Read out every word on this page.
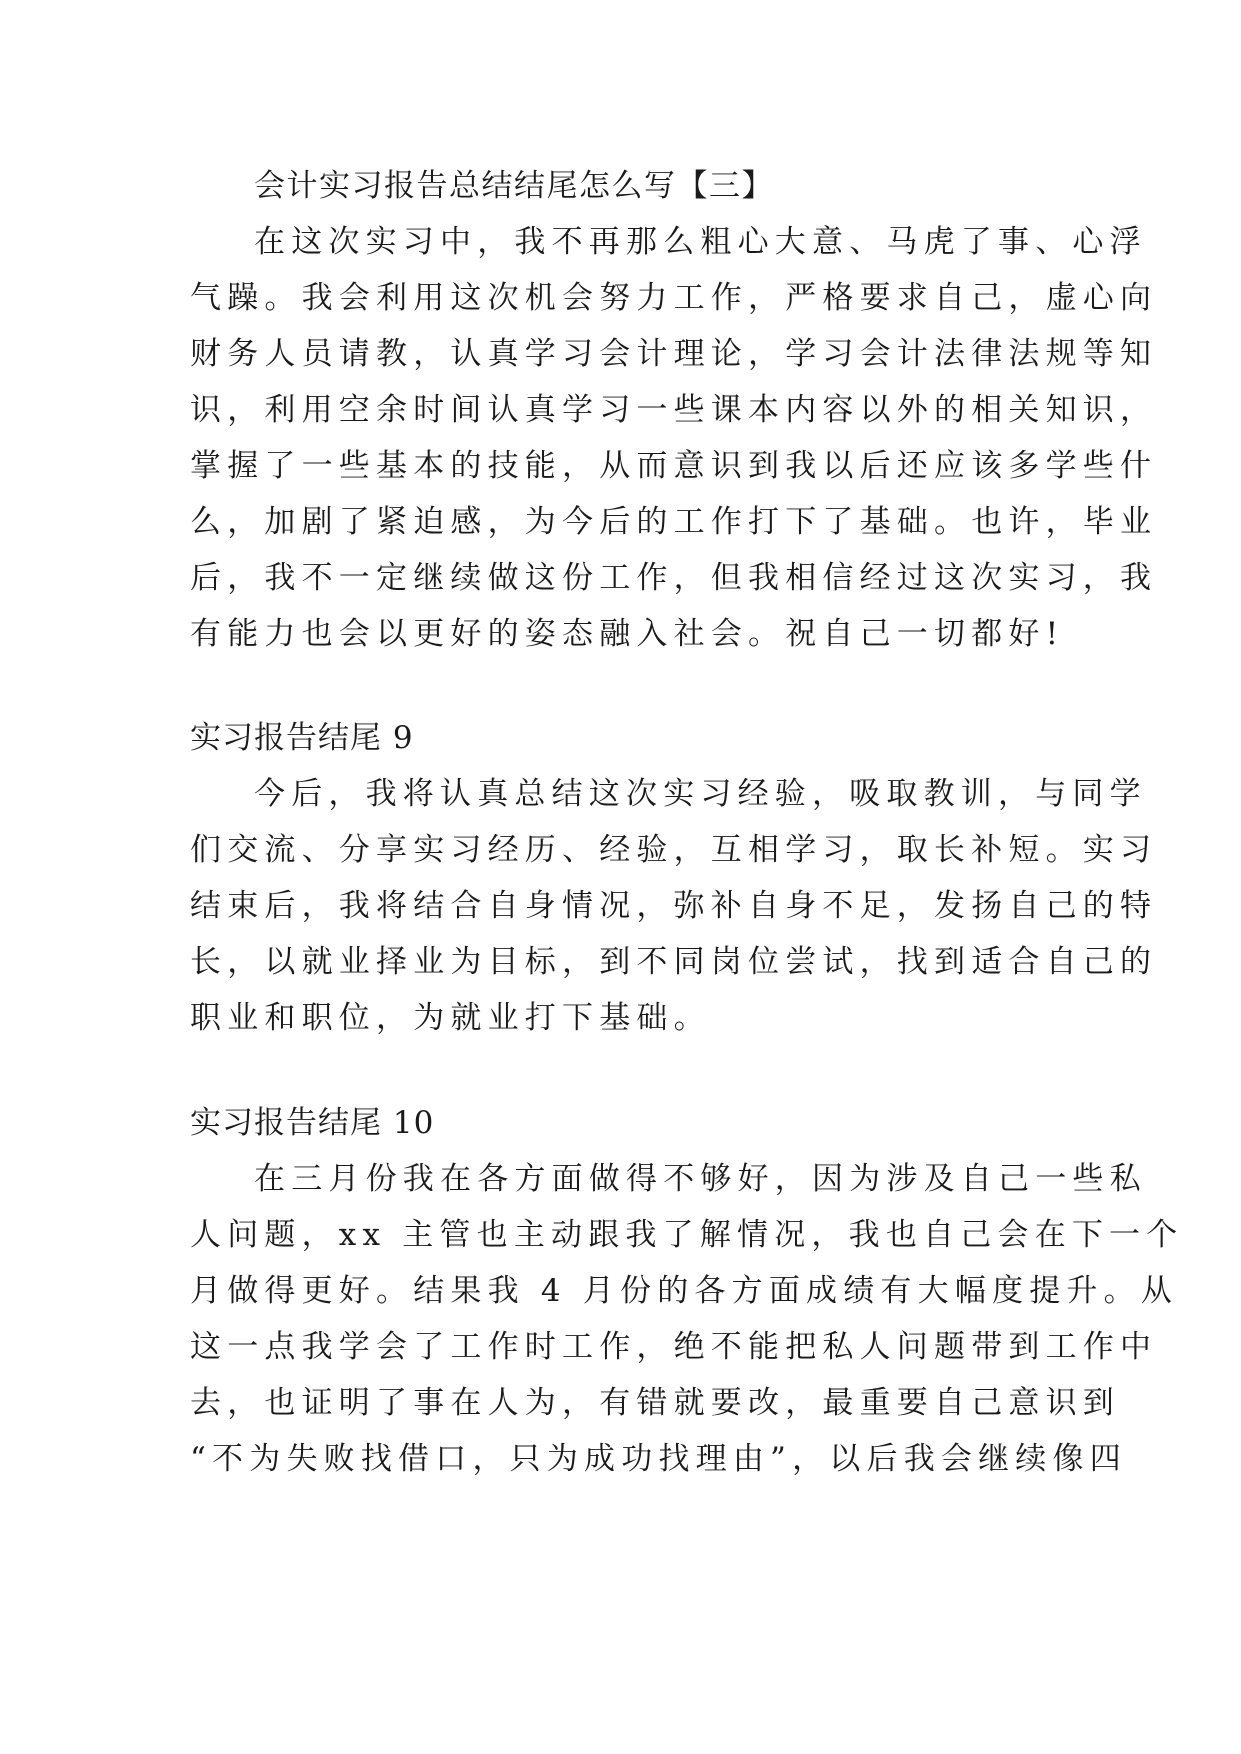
会计实习报告总结结尾怎么写【三】
在这次实习中，我不再那么粗心大意、马虎了事、心浮
气躁。我会利用这次机会努力工作，严格要求自己，虚心向
财务人员请教，认真学习会计理论，学习会计法律法规等知
识，利用空余时间认真学习一些课本内容以外的相关知识，
掌握了一些基本的技能，从而意识到我以后还应该多学些什
么，加剧了紧迫感，为今后的工作打下了基础。也许，毕业
后，我不一定继续做这份工作，但我相信经过这次实习，我
有能力也会以更好的姿态融入社会。祝自己一切都好!
实习报告结尾 9
今后，我将认真总结这次实习经验，吸取教训，与同学
们交流、分享实习经历、经验，互相学习，取长补短。实习
结束后，我将结合自身情况，弥补自身不足，发扬自己的特
长，以就业择业为目标，到不同岗位尝试，找到适合自己的
职业和职位，为就业打下基础。
实习报告结尾 10
在三月份我在各方面做得不够好，因为涉及自己一些私
人问题，xx 主管也主动跟我了解情况，我也自己会在下一个
月做得更好。结果我 4 月份的各方面成绩有大幅度提升。从
这一点我学会了工作时工作，绝不能把私人问题带到工作中
去，也证明了事在人为，有错就要改，最重要自己意识到
“不为失败找借口，只为成功找理由”，以后我会继续像四
